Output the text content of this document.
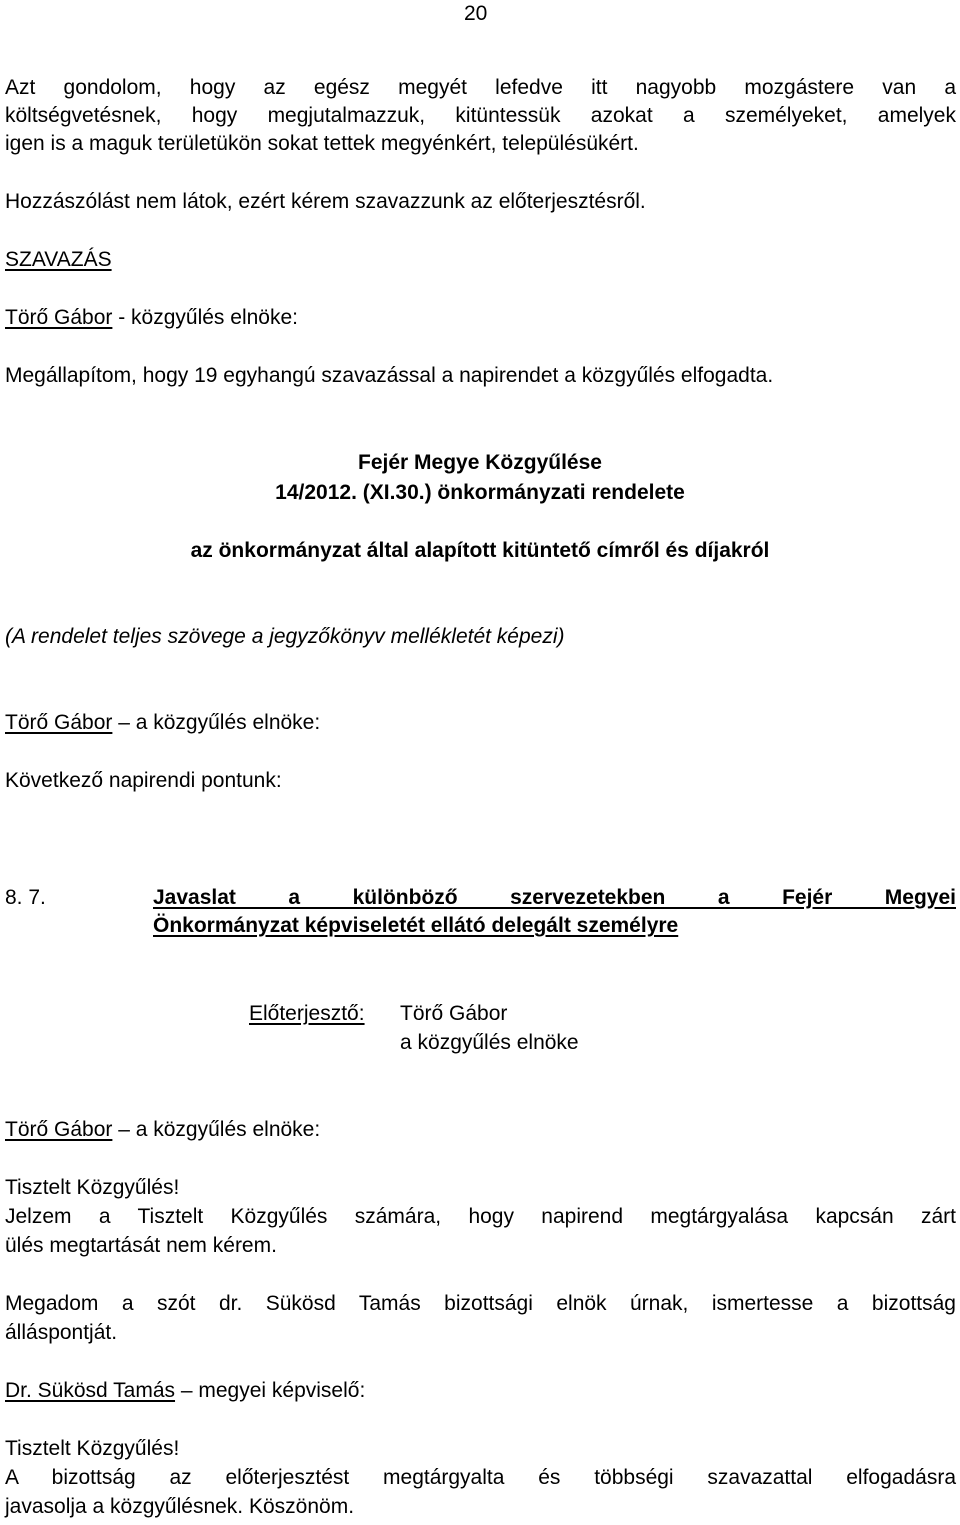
20
Azt gondolom, hogy az egész megyét lefedve itt nagyobb mozgástere van a
költségvetésnek, hogy megjutalmazzuk, kitüntessük azokat a személyeket, amelyek
igen is a maguk területükön sokat tettek megyénkért, településükért.
Hozzászólást nem látok, ezért kérem szavazzunk az előterjesztésről.
SZAVAZÁS
Törő Gábor - közgyűlés elnöke:
Megállapítom, hogy 19 egyhangú szavazással a napirendet a közgyűlés elfogadta.
Fejér Megye Közgyűlése
14/2012. (XI.30.) önkormányzati rendelete
az önkormányzat által alapított kitüntető címről és díjakról
(A rendelet teljes szövege a jegyzőkönyv mellékletét képezi)
Törő Gábor – a közgyűlés elnöke:
Következő napirendi pontunk:
8. 7.	Javaslat a különböző szervezetekben a Fejér Megyei
Önkormányzat képviseletét ellátó delegált személyre
Előterjesztő: Törő Gábor
a közgyűlés elnöke
Törő Gábor – a közgyűlés elnöke:
Tisztelt Közgyűlés!
Jelzem a Tisztelt Közgyűlés számára, hogy napirend megtárgyalása kapcsán zárt
ülés megtartását nem kérem.
Megadom a szót dr. Sükösd Tamás bizottsági elnök úrnak, ismertesse a bizottság
álláspontját.
Dr. Sükösd Tamás – megyei képviselő:
Tisztelt Közgyűlés!
A bizottság az előterjesztést megtárgyalta és többségi szavazattal elfogadásra
javasolja a közgyűlésnek. Köszönöm.
